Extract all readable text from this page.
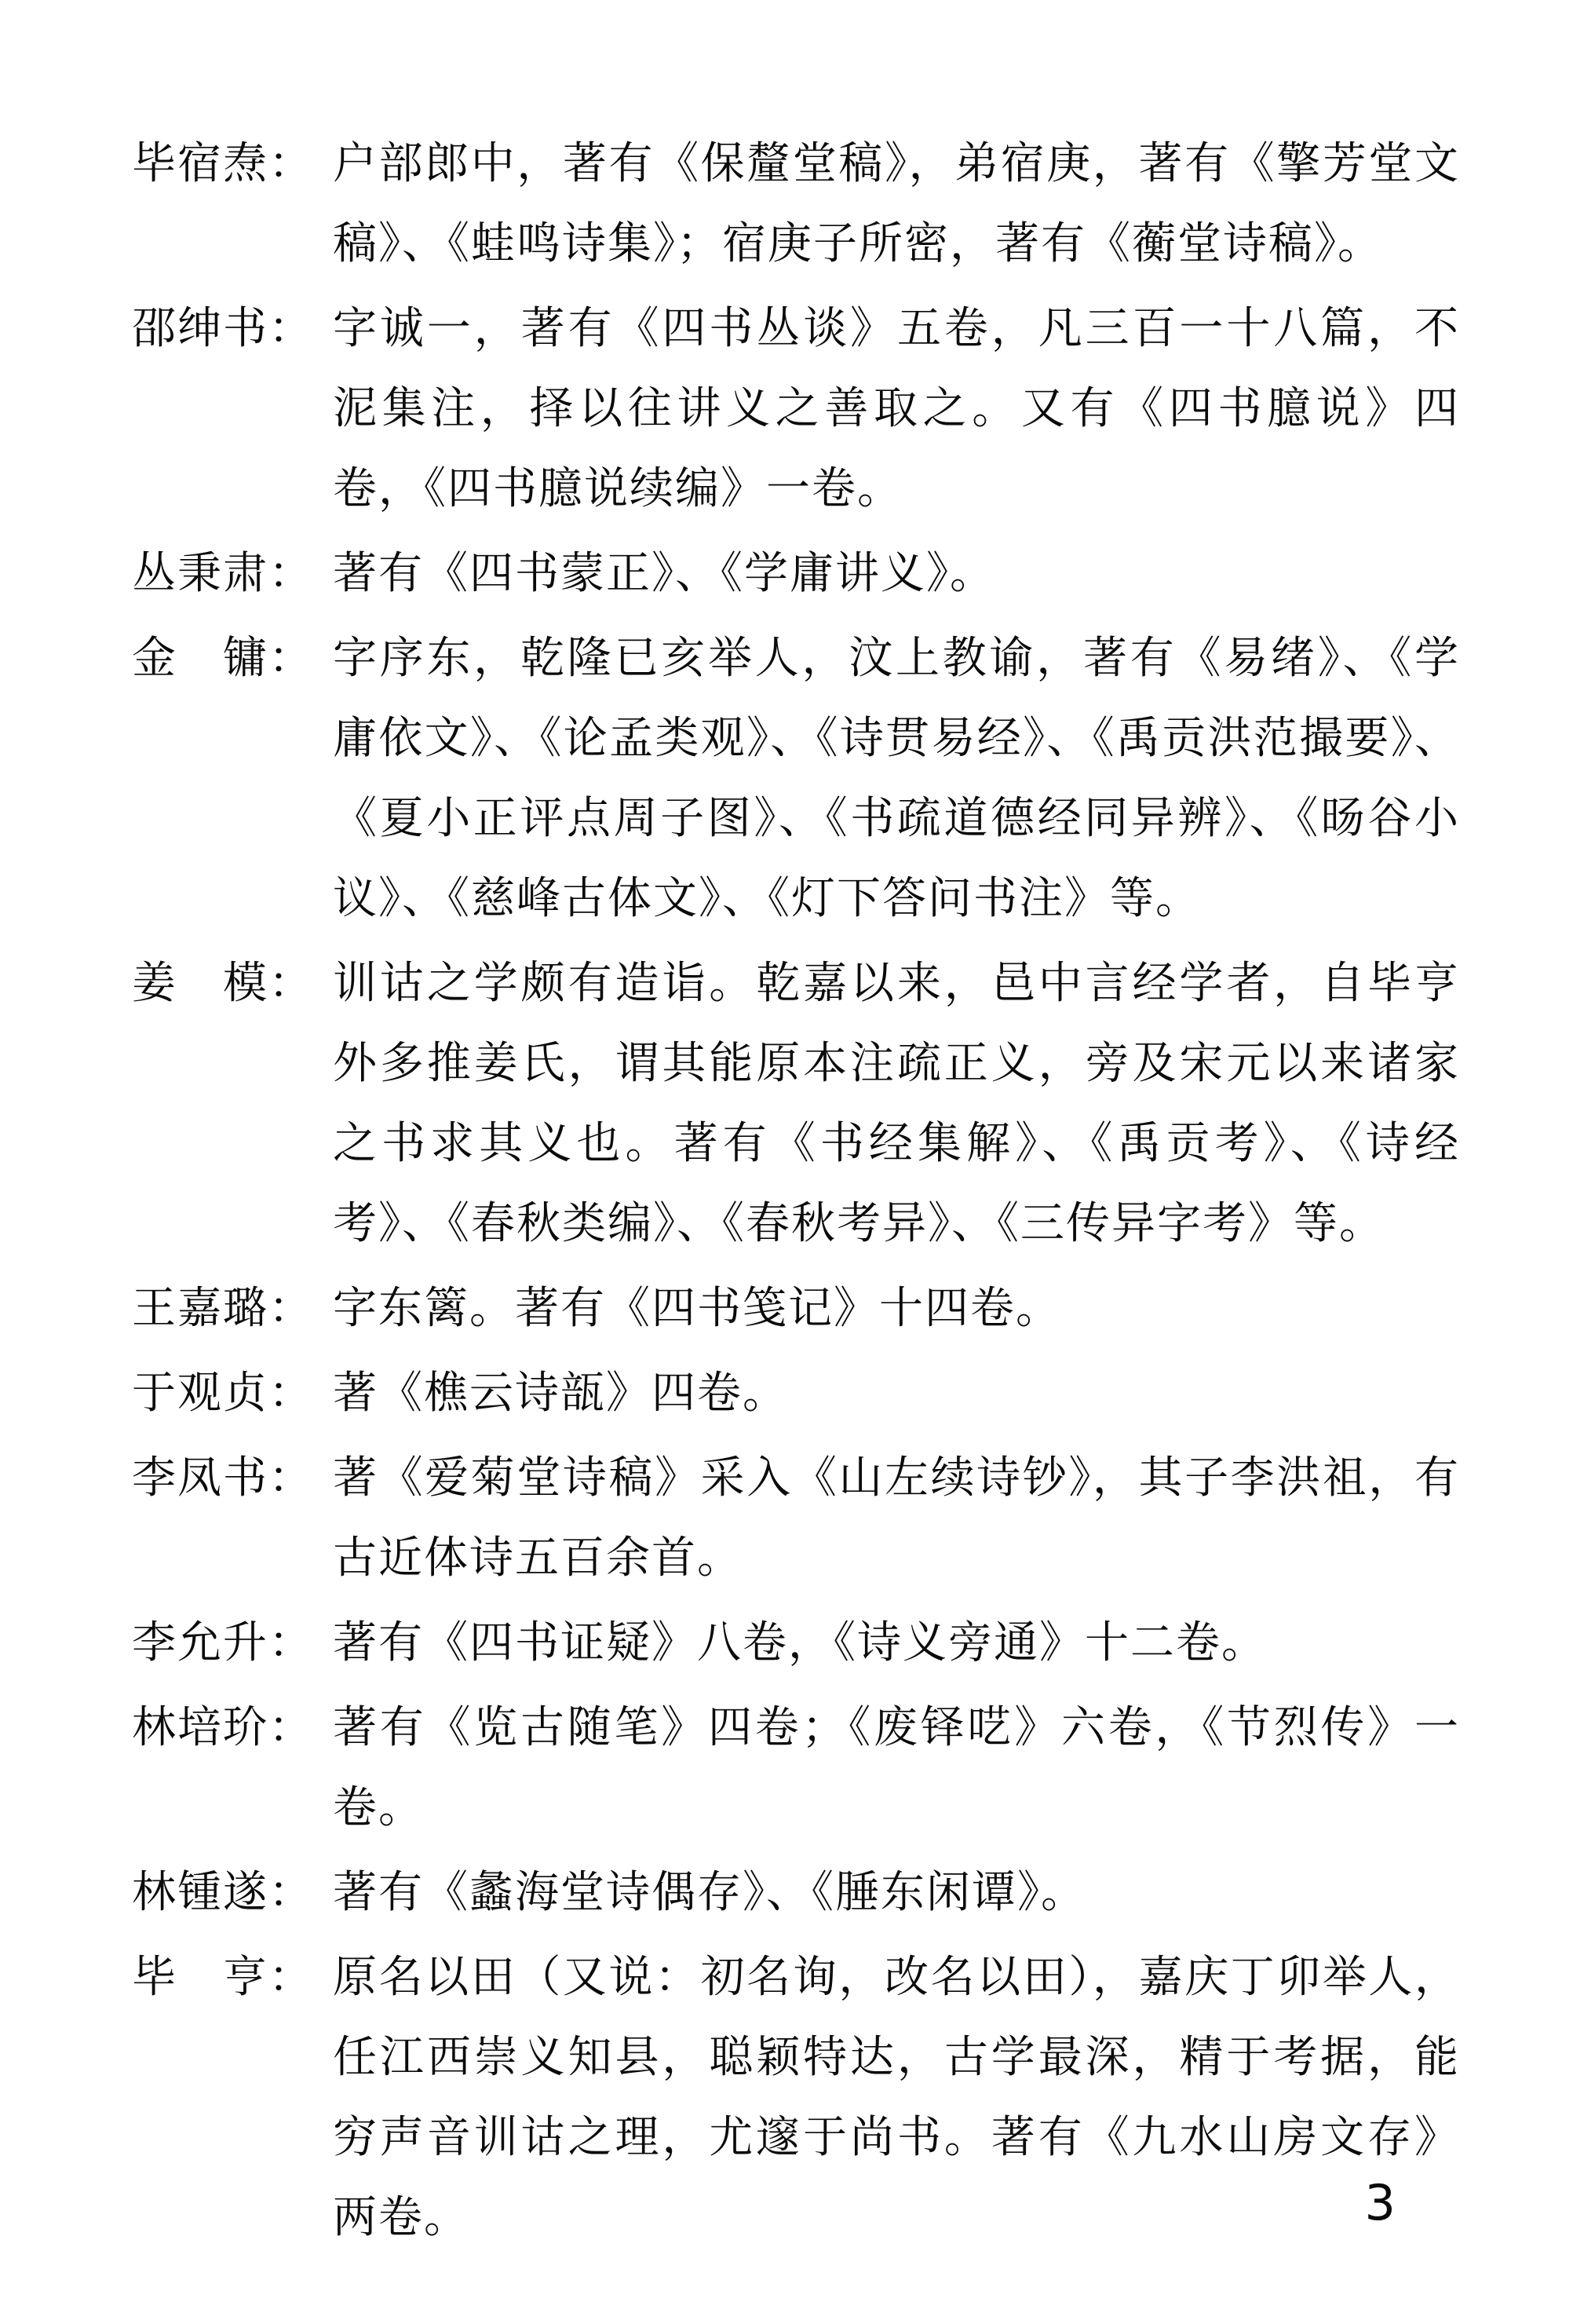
毕宿焘： 户部郎中，著有《保釐堂稿》，弟宿庚，著有《擎芳堂文稿》、《蛙鸣诗集》；宿庚子所密，著有《蘅堂诗稿》。
邵绅书： 字诚一，著有《四书丛谈》五卷，凡三百一十八篇，不泥集注，择以往讲义之善取之。又有《四书臆说》四卷，《四书臆说续编》一卷。
丛秉肃： 著有《四书蒙正》、《学庸讲义》。
金　镛： 字序东，乾隆已亥举人，汶上教谕，著有《易绪》、《学庸依文》、《论孟类观》、《诗贯易经》、《禹贡洪范撮要》、《夏小正评点周子图》、《书疏道德经同异辨》、《旸谷小议》、《慈峰古体文》、《灯下答问书注》等。
姜　模： 训诂之学颇有造诣。乾嘉以来，邑中言经学者，自毕亨外多推姜氏，谓其能原本注疏正义，旁及宋元以来诸家之书求其义也。著有《书经集解》、《禹贡考》、《诗经考》、《春秋类编》、《春秋考异》、《三传异字考》等。
王嘉璐： 字东篱。著有《四书笺记》十四卷。
于观贞： 著《樵云诗瓿》四卷。
李凤书： 著《爱菊堂诗稿》采入《山左续诗钞》，其子李洪祖，有古近体诗五百余首。
李允升： 著有《四书证疑》八卷，《诗义旁通》十二卷。
林培玠： 著有《览古随笔》四卷；《废铎呓》六卷，《节烈传》一卷。
林锺遂： 著有《蠡海堂诗偶存》、《腄东闲谭》。
毕　亨： 原名以田（又说：初名询，改名以田），嘉庆丁卯举人，任江西崇义知县，聪颖特达，古学最深，精于考据，能穷声音训诂之理，尤邃于尚书。著有《九水山房文存》两卷。	3
